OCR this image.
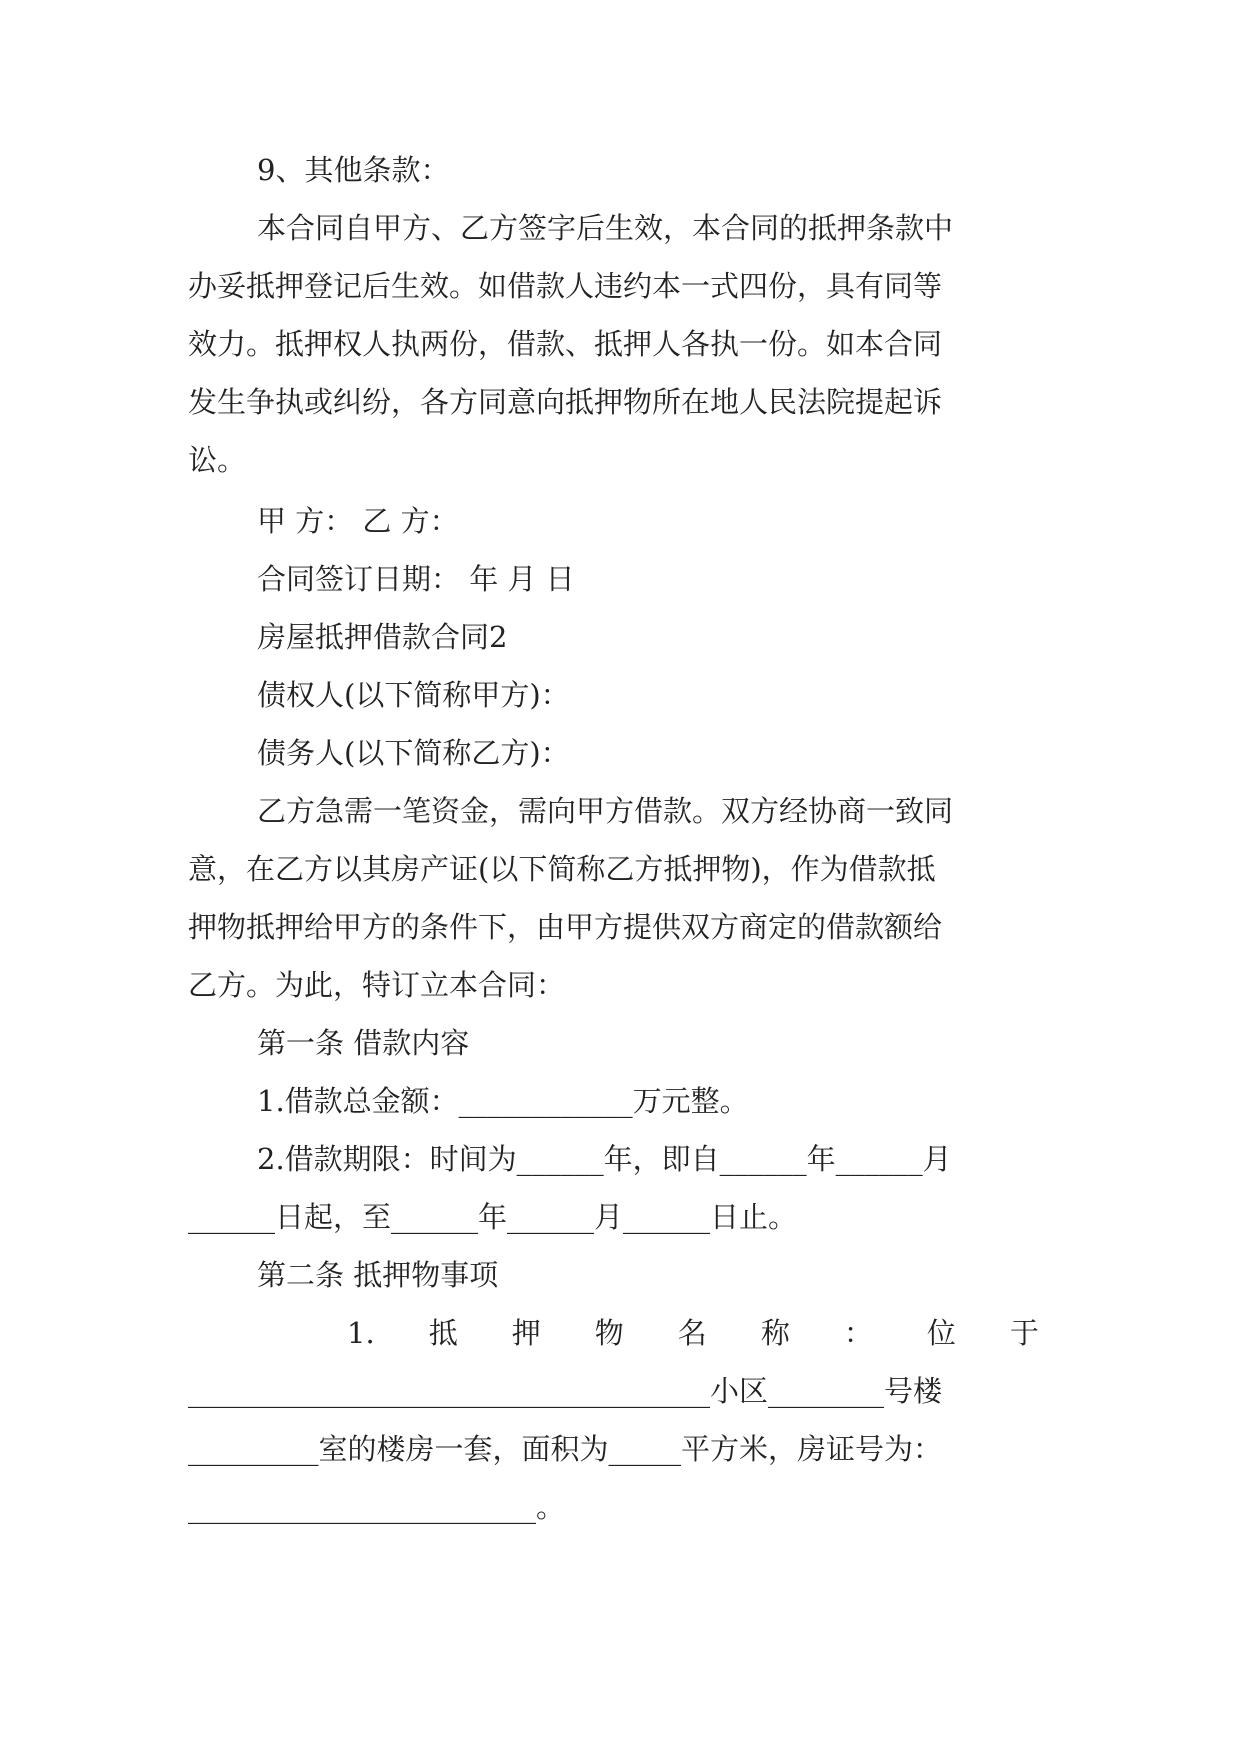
9、其他条款：
本合同自甲方、乙方签字后生效，本合同的抵押条款中
办妥抵押登记后生效。如借款人违约本一式四份，具有同等
效力。抵押权人执两份，借款、抵押人各执一份。如本合同
发生争执或纠纷，各方同意向抵押物所在地人民法院提起诉
讼。
甲 方： 乙 方：
合同签订日期： 年 月 日
房屋抵押借款合同2
债权人(以下简称甲方)：
债务人(以下简称乙方)：
乙方急需一笔资金，需向甲方借款。双方经协商一致同
意，在乙方以其房产证(以下简称乙方抵押物)，作为借款抵
押物抵押给甲方的条件下，由甲方提供双方商定的借款额给
乙方。为此，特订立本合同：
第一条 借款内容
1.借款总金额：____________万元整。
2.借款期限：时间为______年，即自______年______月
______日起，至______年______月______日止。
第二条 抵押物事项
1. 抵 押 物 名 称 ： 位 于
____________________________________小区________号楼
_________室的楼房一套，面积为_____平方米，房证号为：
________________________。
